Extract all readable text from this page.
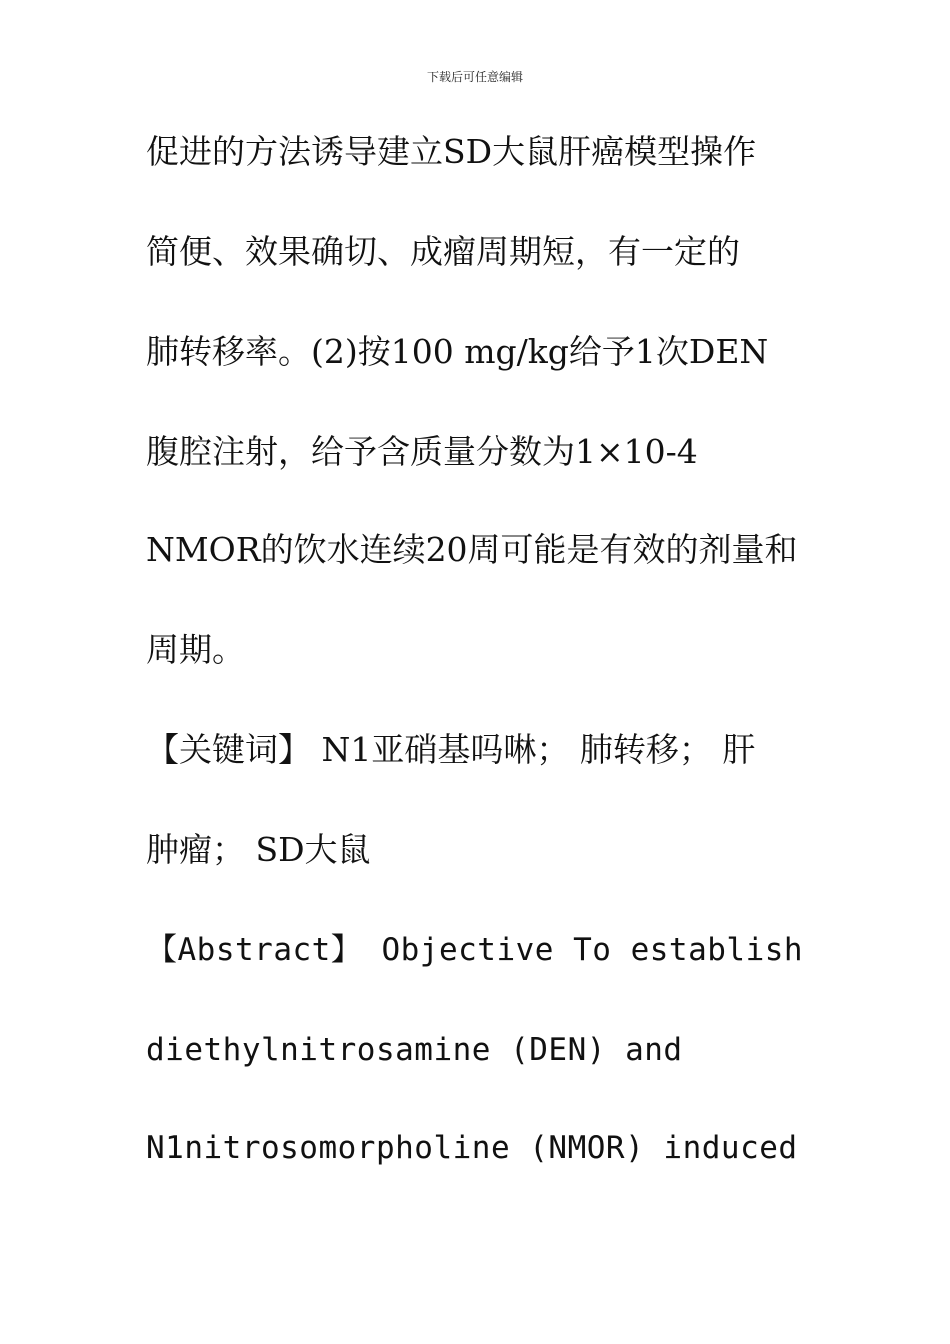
下载后可任意编辑
促进的方法诱导建立SD大鼠肝癌模型操作
简便、效果确切、成瘤周期短，有一定的
肺转移率。(2)按100 mg/kg给予1次DEN
腹腔注射，给予含质量分数为1×10-4
NMOR的饮水连续20周可能是有效的剂量和
周期。
【关键词】 N1亚硝基吗啉； 肺转移； 肝
肿瘤； SD大鼠
【Abstract】 Objective To establish
diethylnitrosamine (DEN) and
N1nitrosomorpholine (NMOR) induced
